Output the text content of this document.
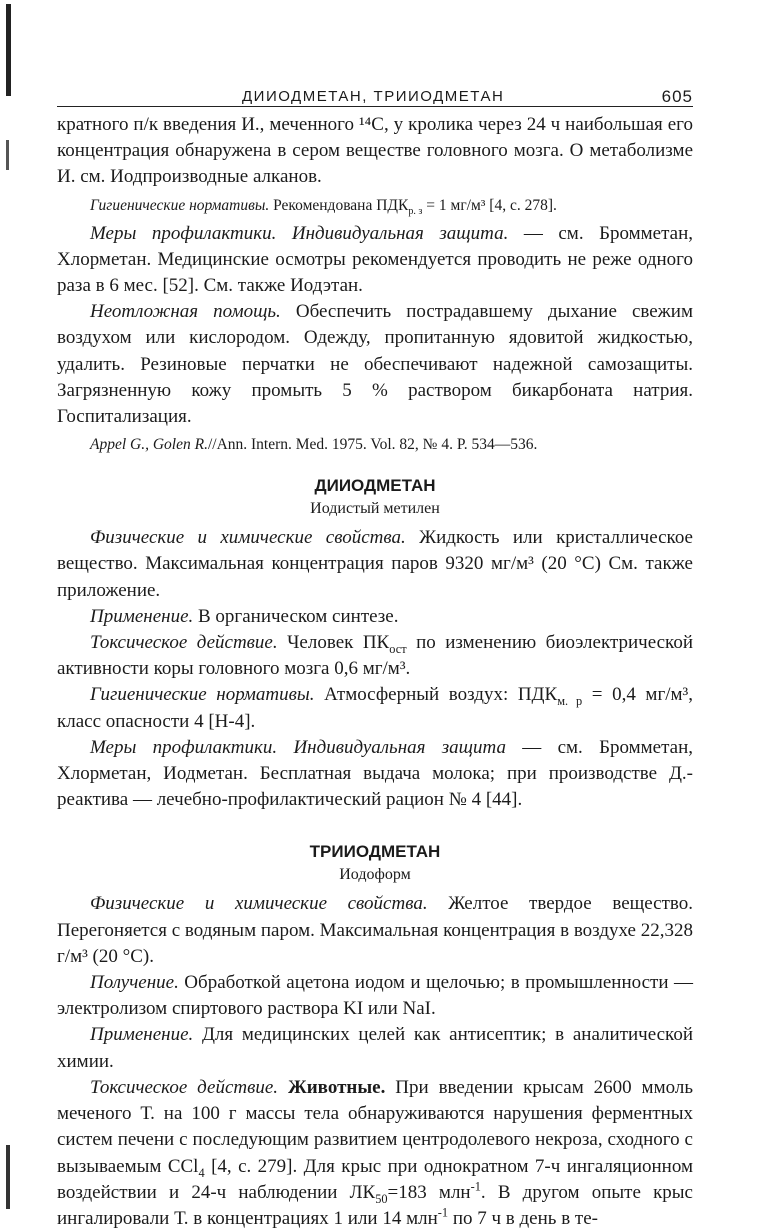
ДИИОДМЕТАН, ТРИИОДМЕТАН	605

кратного п/к введения И., меченного ¹⁴С, у кролика через 24 ч наибольшая его концентрация обнаружена в сером веществе головного мозга. О метаболизме И. см. Иодпроизводные алканов.

Гигиенические нормативы. Рекомендована $ПДК_{р. з} = 1$ мг/м³ [4, с. 278].

Меры профилактики. Индивидуальная защита. — см. Бромметан, Хлорметан. Медицинские осмотры рекомендуется проводить не реже одного раза в 6 мес. [52]. См. также Иодэтан.

Неотложная помощь. Обеспечить пострадавшему дыхание свежим воздухом или кислородом. Одежду, пропитанную ядовитой жидкостью, удалить. Резиновые перчатки не обеспечивают надежной самозащиты. Загрязненную кожу промыть 5 % раствором бикарбоната натрия. Госпитализация.

Appel G., Golen R.//Ann. Intern. Med. 1975. Vol. 82, № 4. P. 534—536.

ДИИОДМЕТАН
Иодистый метилен

Физические и химические свойства. Жидкость или кристаллическое вещество. Максимальная концентрация паров 9320 мг/м³ (20 °С) См. также приложение.

Применение. В органическом синтезе.

Токсическое действие. Человек $ПК_{ост}$ по изменению биоэлектрической активности коры головного мозга 0,6 мг/м³.

Гигиенические нормативы. Атмосферный воздух: $ПДК_{м. р} = 0,4$ мг/м³, класс опасности 4 [Н-4].

Меры профилактики. Индивидуальная защита — см. Бромметан, Хлорметан, Иодметан. Бесплатная выдача молока; при производстве Д.-реактива — лечебно-профилактический рацион № 4 [44].

ТРИИОДМЕТАН
Иодоформ

Физические и химические свойства. Желтое твердое вещество. Перегоняется с водяным паром. Максимальная концентрация в воздухе 22,328 г/м³ (20 °С).

Получение. Обработкой ацетона иодом и щелочью; в промышленности — электролизом спиртового раствора KI или NaI.

Применение. Для медицинских целей как антисептик; в аналитической химии.

Токсическое действие. Животные. При введении крысам 2600 ммоль меченого Т. на 100 г массы тела обнаруживаются нарушения ферментных систем печени с последующим развитием центродолевого некроза, сходного с вызываемым CCl$_4$ [4, с. 279]. Для крыс при однократном 7-ч ингаляционном воздействии и 24-ч наблюдении $ЛК_{50}=183$ млн$^{-1}$. В другом опыте крыс ингалировали Т. в концентрациях 1 или 14 млн$^{-1}$ по 7 ч в день в те-
